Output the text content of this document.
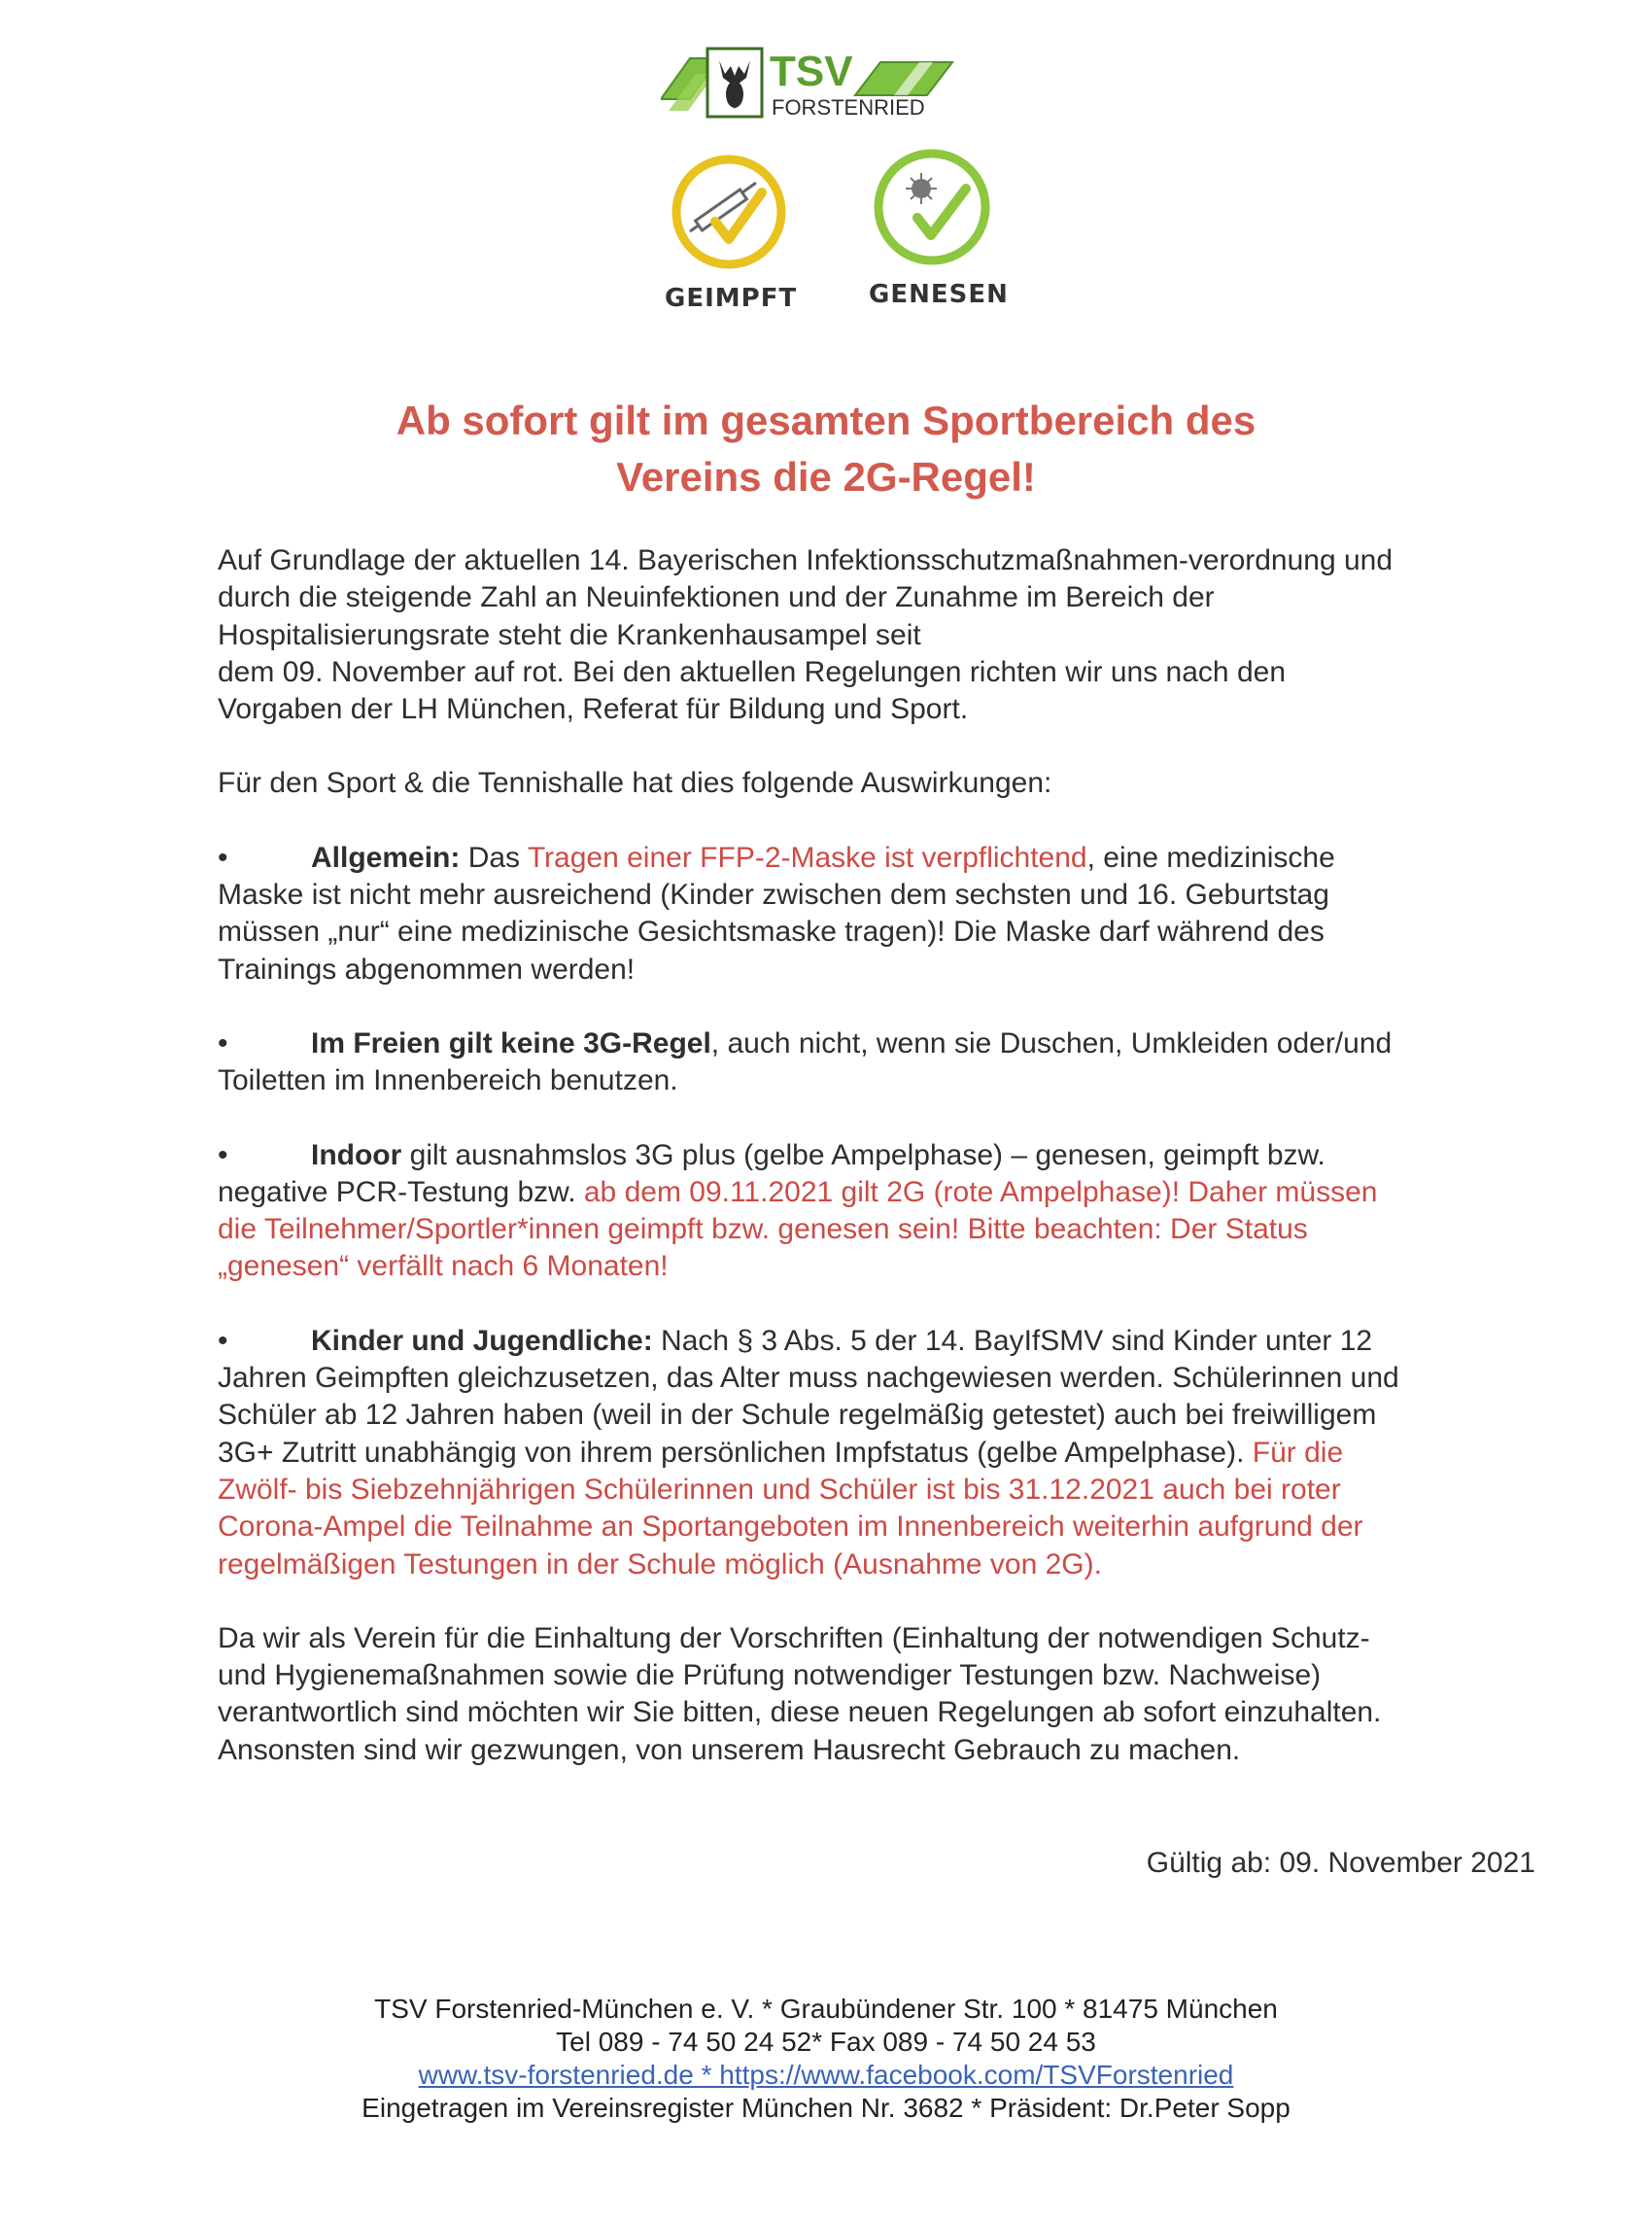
TSV
FORSTENRIED
GEIMPFT	GENESEN
Ab sofort gilt im gesamten Sportbereich des
Vereins die 2G-Regel!

Auf Grundlage der aktuellen 14. Bayerischen Infektionsschutzmaßnahmen-verordnung und

durch die steigende Zahl an Neuinfektionen und der Zunahme im Bereich der

Hospitalisierungsrate steht die Krankenhausampel seit

dem 09. November auf rot. Bei den aktuellen Regelungen richten wir uns nach den

Vorgaben der LH München, Referat für Bildung und Sport.

Für den Sport & die Tennishalle hat dies folgende Auswirkungen:

•	Allgemein: Das Tragen einer FFP-2-Maske ist verpflichtend, eine medizinische

Maske ist nicht mehr ausreichend (Kinder zwischen dem sechsten und 16. Geburtstag

müssen „nur“ eine medizinische Gesichtsmaske tragen)! Die Maske darf während des

Trainings abgenommen werden!

•	Im Freien gilt keine 3G-Regel, auch nicht, wenn sie Duschen, Umkleiden oder/und

Toiletten im Innenbereich benutzen.

•	Indoor gilt ausnahmslos 3G plus (gelbe Ampelphase) – genesen, geimpft bzw.

negative PCR-Testung bzw. ab dem 09.11.2021 gilt 2G (rote Ampelphase)! Daher müssen

die Teilnehmer/Sportler*innen geimpft bzw. genesen sein! Bitte beachten: Der Status

„genesen“ verfällt nach 6 Monaten!

•	Kinder und Jugendliche: Nach § 3 Abs. 5 der 14. BayIfSMV sind Kinder unter 12

Jahren Geimpften gleichzusetzen, das Alter muss nachgewiesen werden. Schülerinnen und

Schüler ab 12 Jahren haben (weil in der Schule regelmäßig getestet) auch bei freiwilligem

3G+ Zutritt unabhängig von ihrem persönlichen Impfstatus (gelbe Ampelphase). Für die

Zwölf- bis Siebzehnjährigen Schülerinnen und Schüler ist bis 31.12.2021 auch bei roter

Corona-Ampel die Teilnahme an Sportangeboten im Innenbereich weiterhin aufgrund der

regelmäßigen Testungen in der Schule möglich (Ausnahme von 2G).

Da wir als Verein für die Einhaltung der Vorschriften (Einhaltung der notwendigen Schutz-

und Hygienemaßnahmen sowie die Prüfung notwendiger Testungen bzw. Nachweise)

verantwortlich sind möchten wir Sie bitten, diese neuen Regelungen ab sofort einzuhalten.

Ansonsten sind wir gezwungen, von unserem Hausrecht Gebrauch zu machen.

Gültig ab: 09. November 2021

TSV Forstenried-München e. V. * Graubündener Str. 100 * 81475 München

Tel 089 - 74 50 24 52* Fax 089 - 74 50 24 53

www.tsv-forstenried.de * https://www.facebook.com/TSVForstenried

Eingetragen im Vereinsregister München Nr. 3682 * Präsident: Dr.Peter Sopp
